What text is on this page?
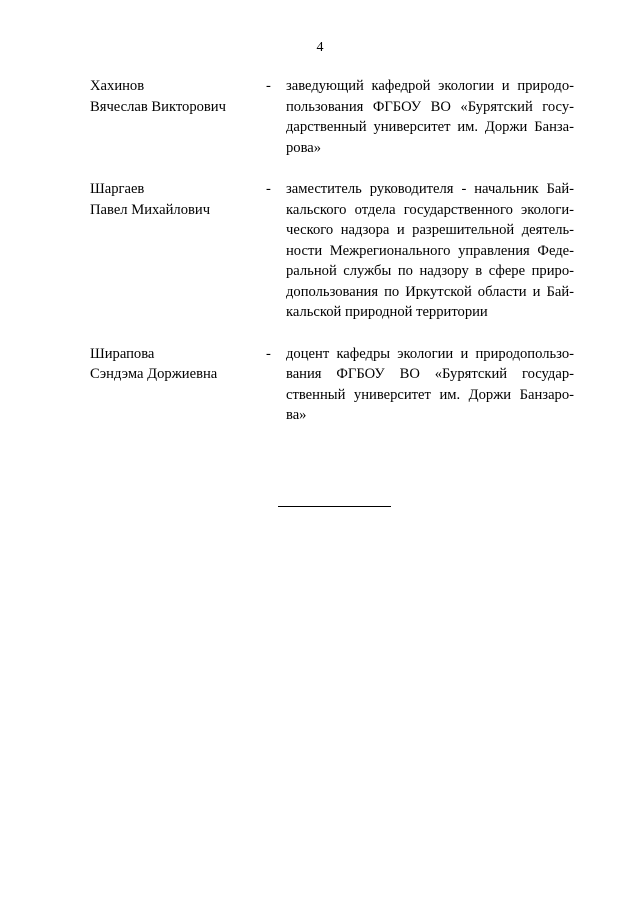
4
Хахинов
Вячеслав Викторович
-	заведующий кафедрой экологии и природо-
пользования ФГБОУ ВО «Бурятский госу-
дарственный университет им. Доржи Банза-
рова»
Шаргаев
Павел Михайлович
-	заместитель руководителя - начальник Бай-
кальского отдела государственного экологи-
ческого надзора и разрешительной деятель-
ности Межрегионального управления Феде-
ральной службы по надзору в сфере приро-
допользования по Иркутской области и Бай-
кальской природной территории
Ширапова
Сэндэма Доржиевна
-	доцент кафедры экологии и природопользо-
вания ФГБОУ ВО «Бурятский государ-
ственный университет им. Доржи Банзаро-
ва»
